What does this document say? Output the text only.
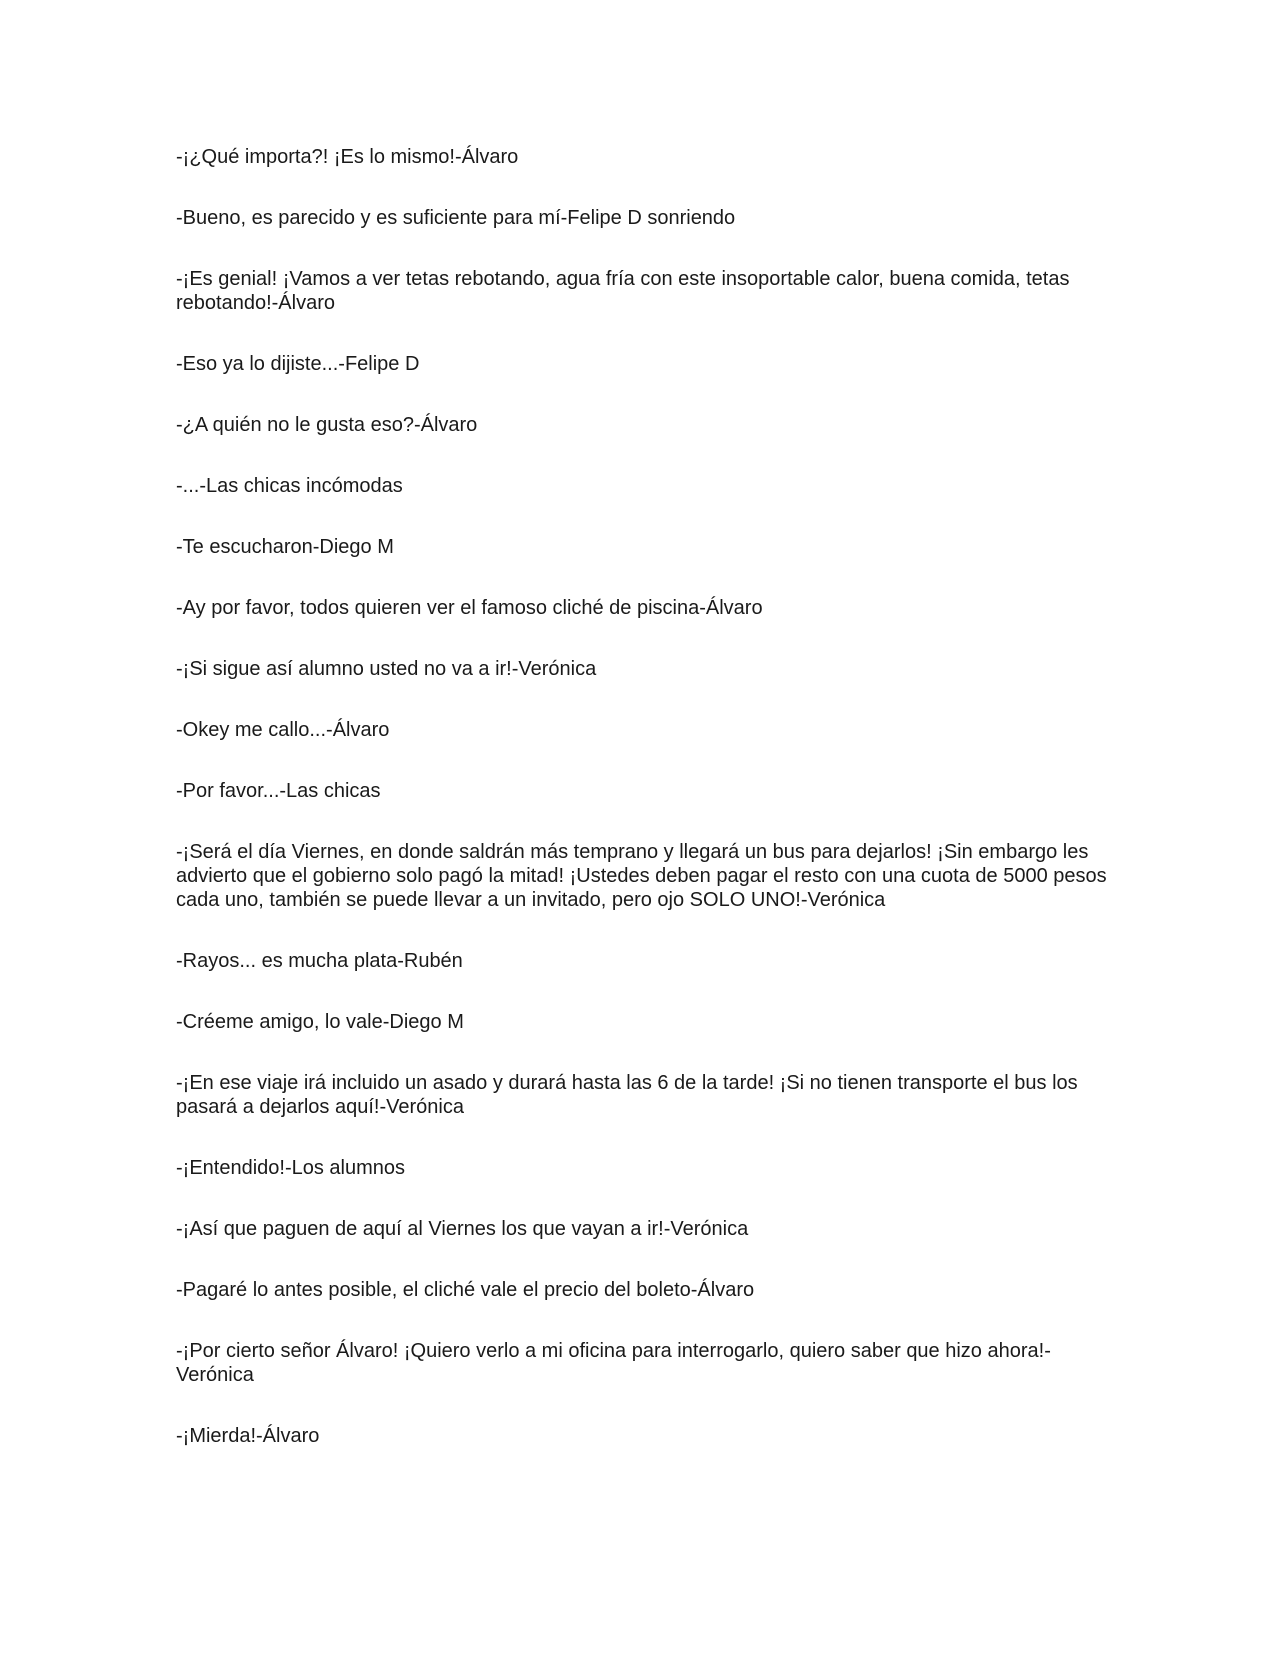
-¡¿Qué importa?! ¡Es lo mismo!-Álvaro

-Bueno, es parecido y es suficiente para mí-Felipe D sonriendo

-¡Es genial! ¡Vamos a ver tetas rebotando, agua fría con este insoportable calor, buena comida, tetas rebotando!-Álvaro

-Eso ya lo dijiste...-Felipe D

-¿A quién no le gusta eso?-Álvaro

-...-Las chicas incómodas

-Te escucharon-Diego M

-Ay por favor, todos quieren ver el famoso cliché de piscina-Álvaro

-¡Si sigue así alumno usted no va a ir!-Verónica

-Okey me callo...-Álvaro

-Por favor...-Las chicas

-¡Será el día Viernes, en donde saldrán más temprano y llegará un bus para dejarlos! ¡Sin embargo les advierto que el gobierno solo pagó la mitad! ¡Ustedes deben pagar el resto con una cuota de 5000 pesos cada uno, también se puede llevar a un invitado, pero ojo SOLO UNO!-Verónica

-Rayos... es mucha plata-Rubén

-Créeme amigo, lo vale-Diego M

-¡En ese viaje irá incluido un asado y durará hasta las 6 de la tarde! ¡Si no tienen transporte el bus los pasará a dejarlos aquí!-Verónica

-¡Entendido!-Los alumnos

-¡Así que paguen de aquí al Viernes los que vayan a ir!-Verónica

-Pagaré lo antes posible, el cliché vale el precio del boleto-Álvaro

-¡Por cierto señor Álvaro! ¡Quiero verlo a mi oficina para interrogarlo, quiero saber que hizo ahora!-Verónica

-¡Mierda!-Álvaro
